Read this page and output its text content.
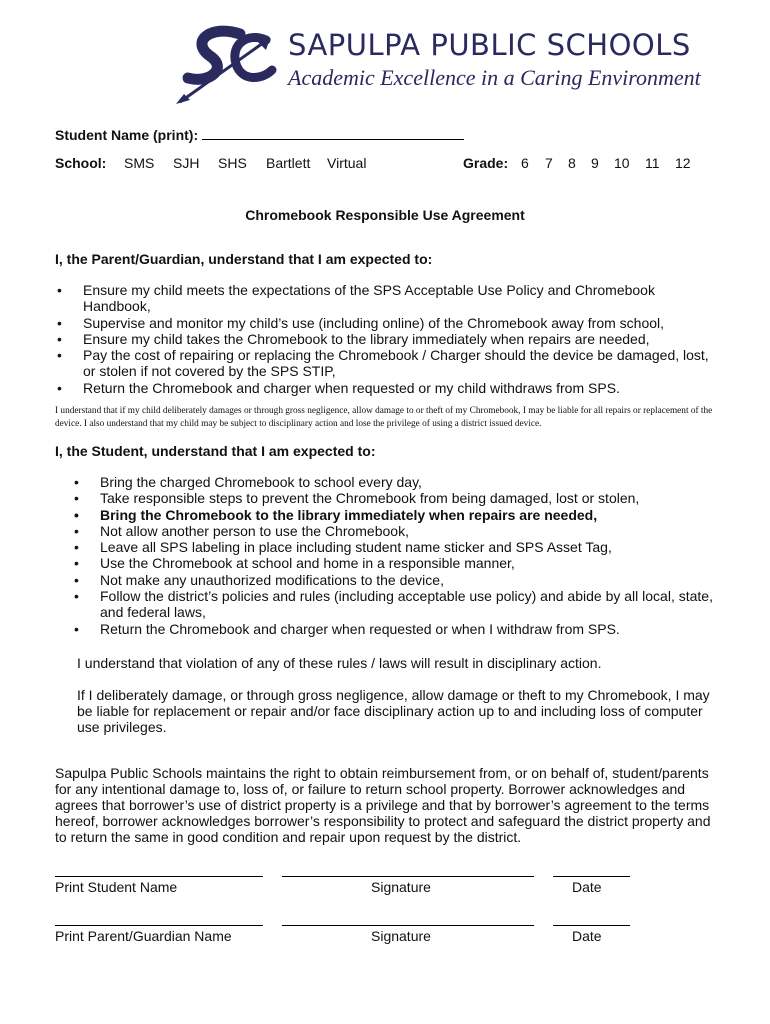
SAPULPA PUBLIC SCHOOLS
Academic Excellence in a Caring Environment
Student Name (print):
School: SMS SJH SHS Bartlett Virtual	Grade: 6 7 8 9 10 11 12
Chromebook Responsible Use Agreement
I, the Parent/Guardian, understand that I am expected to:
• Ensure my child meets the expectations of the SPS Acceptable Use Policy and Chromebook Handbook,
• Supervise and monitor my child’s use (including online) of the Chromebook away from school,
• Ensure my child takes the Chromebook to the library immediately when repairs are needed,
• Pay the cost of repairing or replacing the Chromebook / Charger should the device be damaged, lost, or stolen if not covered by the SPS STIP,
• Return the Chromebook and charger when requested or my child withdraws from SPS.
I understand that if my child deliberately damages or through gross negligence, allow damage to or theft of my Chromebook, I may be liable for all repairs or replacement of the device. I also understand that my child may be subject to disciplinary action and lose the privilege of using a district issued device.
I, the Student, understand that I am expected to:
• Bring the charged Chromebook to school every day,
• Take responsible steps to prevent the Chromebook from being damaged, lost or stolen,
• Bring the Chromebook to the library immediately when repairs are needed,
• Not allow another person to use the Chromebook,
• Leave all SPS labeling in place including student name sticker and SPS Asset Tag,
• Use the Chromebook at school and home in a responsible manner,
• Not make any unauthorized modifications to the device,
• Follow the district’s policies and rules (including acceptable use policy) and abide by all local, state, and federal laws,
• Return the Chromebook and charger when requested or when I withdraw from SPS.
I understand that violation of any of these rules / laws will result in disciplinary action.
If I deliberately damage, or through gross negligence, allow damage or theft to my Chromebook, I may be liable for replacement or repair and/or face disciplinary action up to and including loss of computer use privileges.
Sapulpa Public Schools maintains the right to obtain reimbursement from, or on behalf of, student/parents for any intentional damage to, loss of, or failure to return school property. Borrower acknowledges and agrees that borrower’s use of district property is a privilege and that by borrower’s agreement to the terms hereof, borrower acknowledges borrower’s responsibility to protect and safeguard the district property and to return the same in good condition and repair upon request by the district.
Print Student Name	Signature	Date
Print Parent/Guardian Name	Signature	Date
